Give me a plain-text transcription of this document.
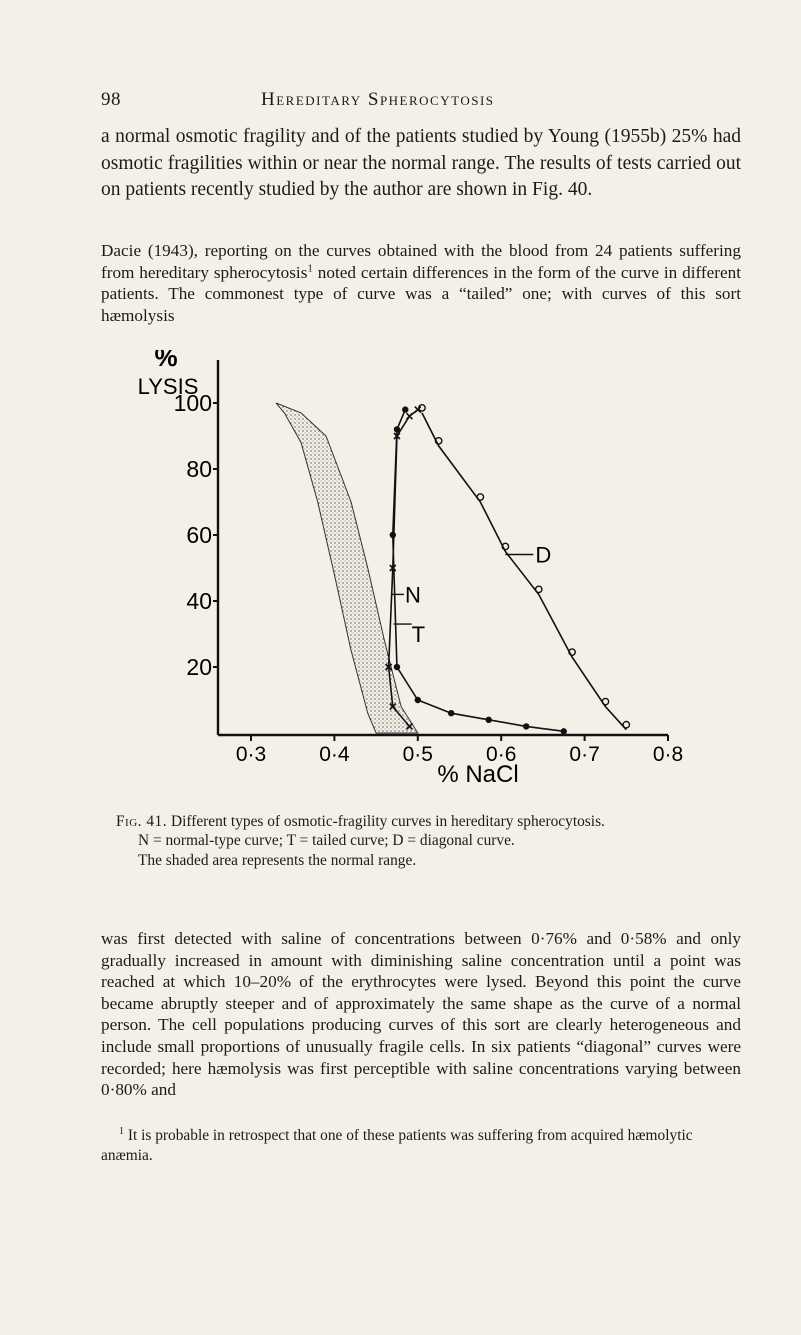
98	Hereditary Spherocytosis
a normal osmotic fragility and of the patients studied by Young (1955b) 25% had osmotic fragilities within or near the normal range. The results of tests carried out on patients recently studied by the author are shown in Fig. 40.
Dacie (1943), reporting on the curves obtained with the blood from 24 patients suffering from hereditary spherocytosis$^1$ noted certain differences in the form of the curve in different patients. The commonest type of curve was a “tailed” one; with curves of this sort hæmolysis
%
LYSIS
100
80
60
40
20
0·3	0·4	0·5	0·6	0·7	0·8
D
N
T
% NaCl
Fig. 41. Different types of osmotic-fragility curves in hereditary spherocytosis.
N = normal-type curve; T = tailed curve; D = diagonal curve.
The shaded area represents the normal range.
was first detected with saline of concentrations between 0·76% and 0·58% and only gradually increased in amount with diminishing saline concentration until a point was reached at which 10–20% of the erythrocytes were lysed. Beyond this point the curve became abruptly steeper and of approximately the same shape as the curve of a normal person. The cell populations producing curves of this sort are clearly heterogeneous and include small proportions of unusually fragile cells. In six patients “diagonal” curves were recorded; here hæmolysis was first perceptible with saline concentrations varying between 0·80% and
$^1$ It is probable in retrospect that one of these patients was suffering from acquired hæmolytic anæmia.
